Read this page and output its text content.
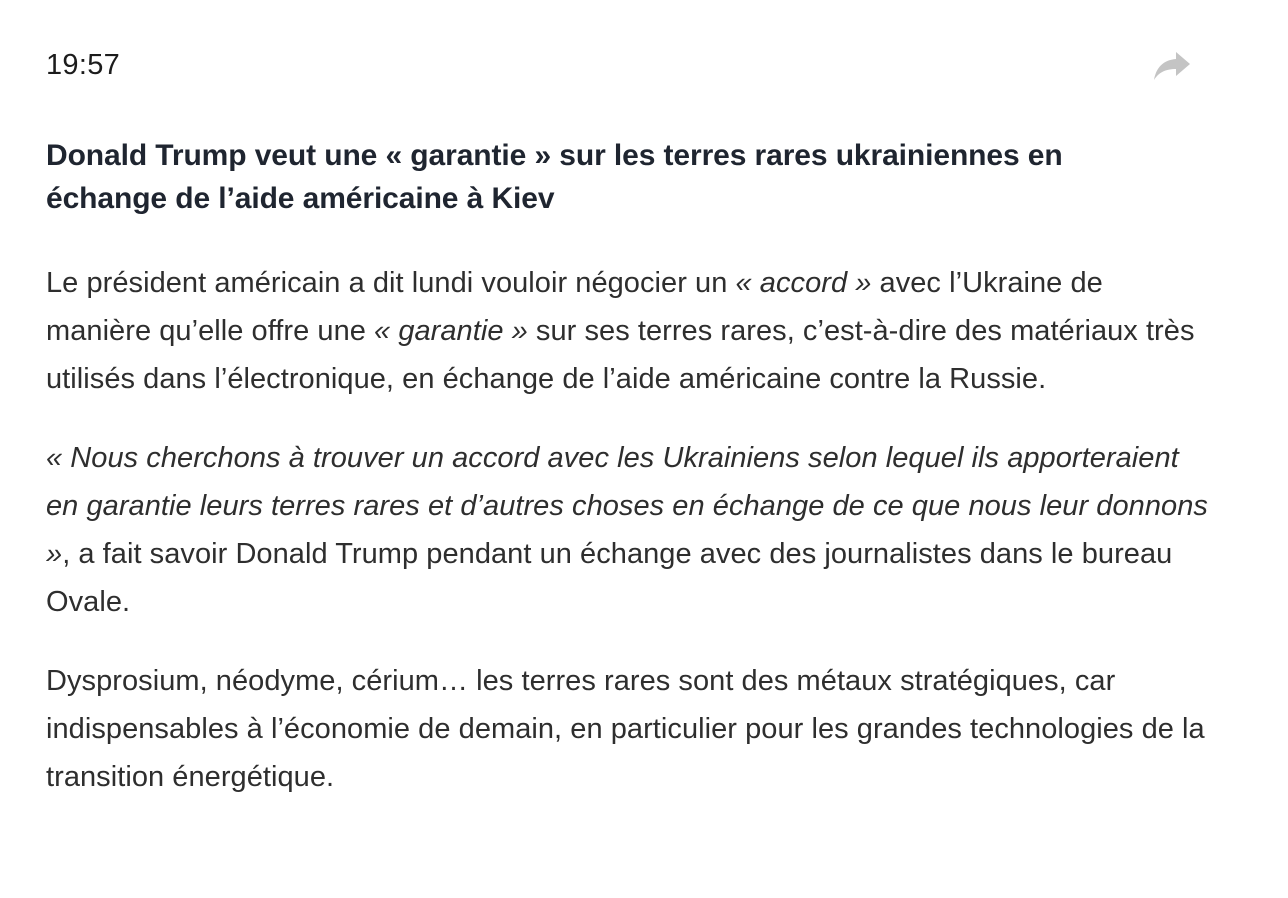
19:57
Donald Trump veut une « garantie » sur les terres rares ukrainiennes en échange de l’aide américaine à Kiev

Le président américain a dit lundi vouloir négocier un « accord » avec l’Ukraine de manière qu’elle offre une « garantie » sur ses terres rares, c’est-à-dire des matériaux très utilisés dans l’électronique, en échange de l’aide américaine contre la Russie.

« Nous cherchons à trouver un accord avec les Ukrainiens selon lequel ils apporteraient en garantie leurs terres rares et d’autres choses en échange de ce que nous leur donnons », a fait savoir Donald Trump pendant un échange avec des journalistes dans le bureau Ovale.

Dysprosium, néodyme, cérium… les terres rares sont des métaux stratégiques, car indispensables à l’économie de demain, en particulier pour les grandes technologies de la transition énergétique.
